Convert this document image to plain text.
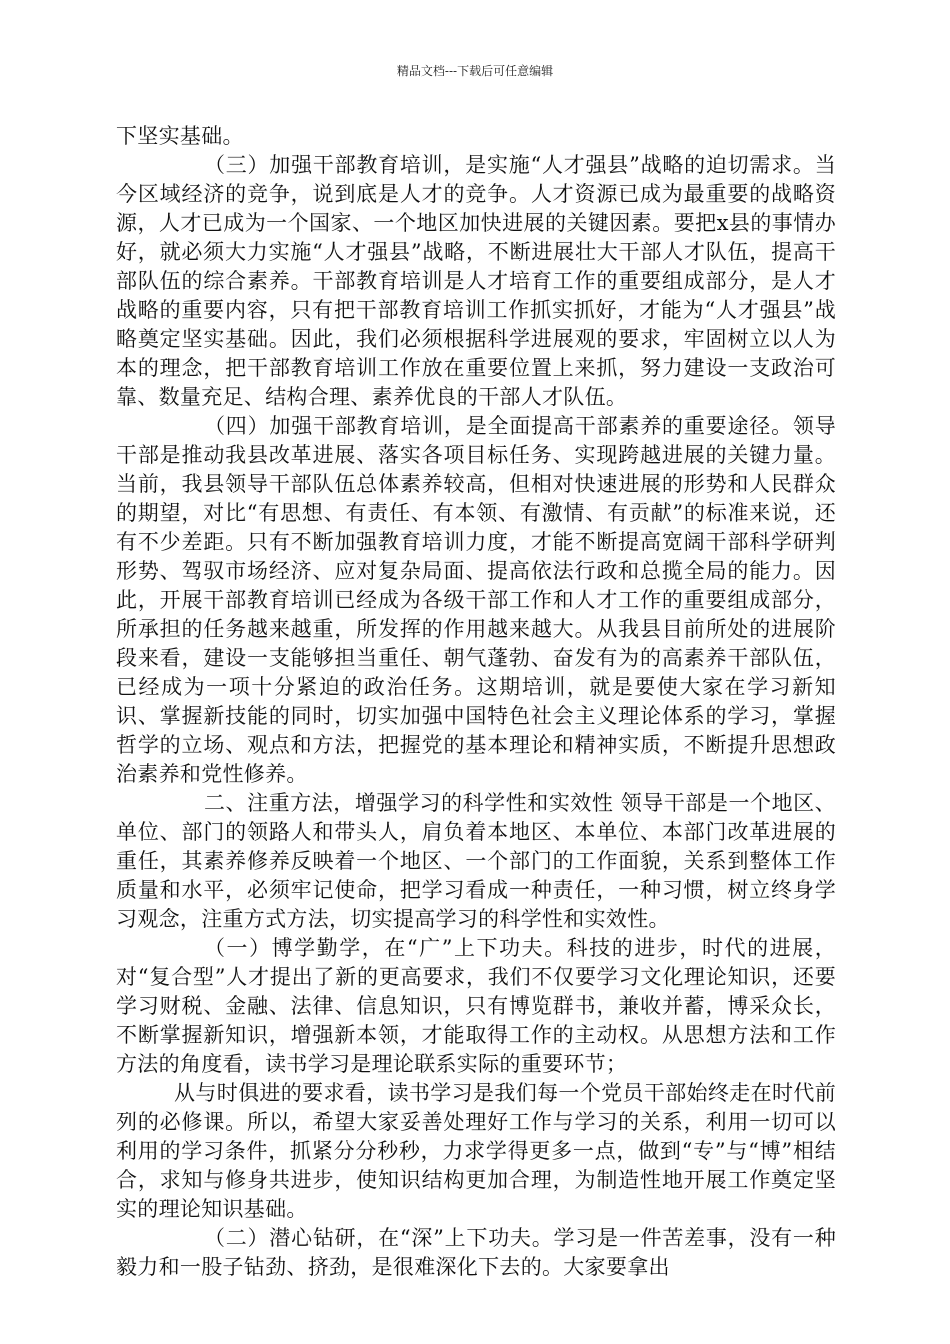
精品文档---下载后可任意编辑

下坚实基础。

（三）加强干部教育培训，是实施“人才强县”战略的迫切需求。当今区域经济的竞争，说到底是人才的竞争。人才资源已成为最重要的战略资源，人才已成为一个国家、一个地区加快进展的关键因素。要把x县的事情办好，就必须大力实施“人才强县”战略，不断进展壮大干部人才队伍，提高干部队伍的综合素养。干部教育培训是人才培育工作的重要组成部分，是人才战略的重要内容，只有把干部教育培训工作抓实抓好，才能为“人才强县”战略奠定坚实基础。因此，我们必须根据科学进展观的要求，牢固树立以人为本的理念，把干部教育培训工作放在重要位置上来抓，努力建设一支政治可靠、数量充足、结构合理、素养优良的干部人才队伍。

（四）加强干部教育培训，是全面提高干部素养的重要途径。领导干部是推动我县改革进展、落实各项目标任务、实现跨越进展的关键力量。当前，我县领导干部队伍总体素养较高，但相对快速进展的形势和人民群众的期望，对比“有思想、有责任、有本领、有激情、有贡献”的标准来说，还有不少差距。只有不断加强教育培训力度，才能不断提高宽阔干部科学研判形势、驾驭市场经济、应对复杂局面、提高依法行政和总揽全局的能力。因此，开展干部教育培训已经成为各级干部工作和人才工作的重要组成部分，所承担的任务越来越重，所发挥的作用越来越大。从我县目前所处的进展阶段来看，建设一支能够担当重任、朝气蓬勃、奋发有为的高素养干部队伍，已经成为一项十分紧迫的政治任务。这期培训，就是要使大家在学习新知识、掌握新技能的同时，切实加强中国特色社会主义理论体系的学习，掌握哲学的立场、观点和方法，把握党的基本理论和精神实质，不断提升思想政治素养和党性修养。

二、注重方法，增强学习的科学性和实效性 领导干部是一个地区、单位、部门的领路人和带头人，肩负着本地区、本单位、本部门改革进展的重任，其素养修养反映着一个地区、一个部门的工作面貌，关系到整体工作质量和水平，必须牢记使命，把学习看成一种责任，一种习惯，树立终身学习观念，注重方式方法，切实提高学习的科学性和实效性。

（一）博学勤学，在“广”上下功夫。科技的进步，时代的进展，对“复合型”人才提出了新的更高要求，我们不仅要学习文化理论知识，还要学习财税、金融、法律、信息知识，只有博览群书，兼收并蓄，博采众长，不断掌握新知识，增强新本领，才能取得工作的主动权。从思想方法和工作方法的角度看，读书学习是理论联系实际的重要环节；

从与时俱进的要求看，读书学习是我们每一个党员干部始终走在时代前列的必修课。所以，希望大家妥善处理好工作与学习的关系，利用一切可以利用的学习条件，抓紧分分秒秒，力求学得更多一点，做到“专”与“博”相结合，求知与修身共进步，使知识结构更加合理，为制造性地开展工作奠定坚实的理论知识基础。

（二）潜心钻研，在“深”上下功夫。学习是一件苦差事，没有一种毅力和一股子钻劲、挤劲，是很难深化下去的。大家要拿出
